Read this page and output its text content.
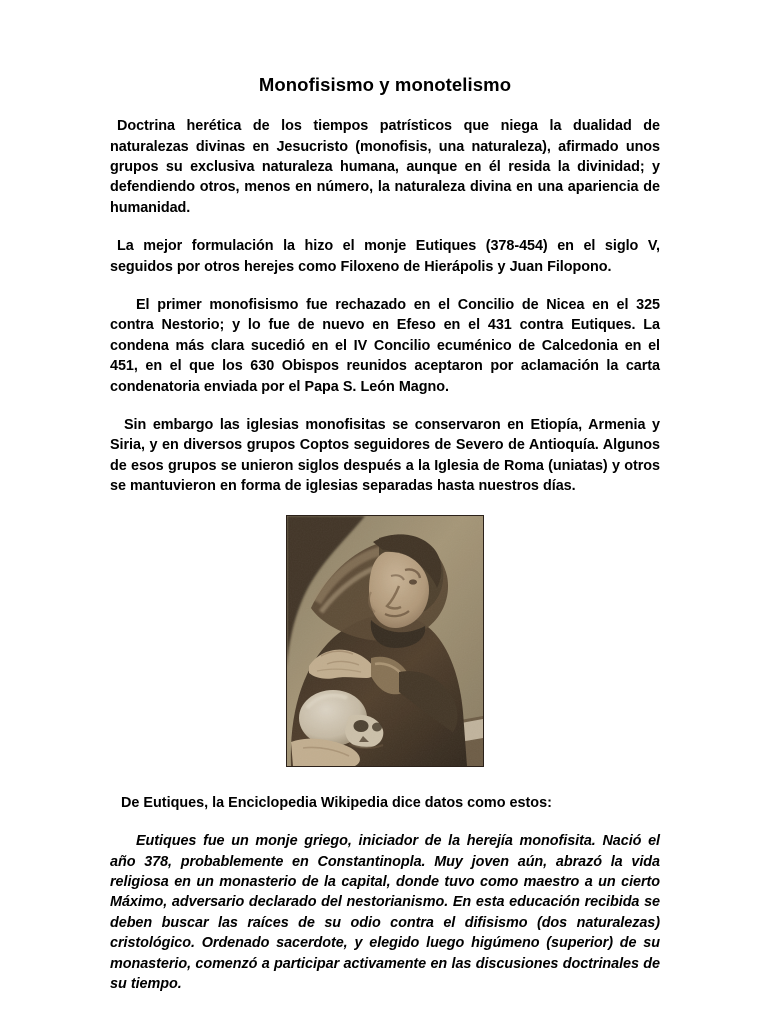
Monofisismo y monotelismo

Doctrina herética de los tiempos patrísticos que niega la dualidad de naturalezas divinas en Jesucristo (monofisis, una naturaleza), afirmado unos grupos su exclusiva naturaleza humana, aunque en él resida la divinidad; y defendiendo otros, menos en número, la naturaleza divina en una apariencia de humanidad.

La mejor formulación la hizo el monje Eutiques (378-454) en el siglo V, seguidos por otros herejes como Filoxeno de Hierápolis y Juan Filopono.

El primer monofisismo fue rechazado en el Concilio de Nicea en el 325 contra Nestorio; y lo fue de nuevo en Efeso en el 431 contra Eutiques. La condena más clara sucedió en el IV Concilio ecuménico de Calcedonia en el 451, en el que los 630 Obispos reunidos aceptaron por aclamación la carta condenatoria enviada por el Papa S. León Magno.

Sin embargo las iglesias monofisitas se conservaron en Etiopía, Armenia y Siria, y en diversos grupos Coptos seguidores de Severo de Antioquía. Algunos de esos grupos se unieron siglos después a la Iglesia de Roma (uniatas) y otros se mantuvieron en forma de iglesias separadas hasta nuestros días.

De Eutiques, la Enciclopedia Wikipedia dice datos como estos:

Eutiques fue un monje griego, iniciador de la herejía monofisita. Nació el año 378, probablemente en Constantinopla. Muy joven aún, abrazó la vida religiosa en un monasterio de la capital, donde tuvo como maestro a un cierto Máximo, adversario declarado del nestorianismo. En esta educación recibida se deben buscar las raíces de su odio contra el difisismo (dos naturalezas) cristológico. Ordenado sacerdote, y elegido luego higúmeno (superior) de su monasterio, comenzó a participar activamente en las discusiones doctrinales de su tiempo.
